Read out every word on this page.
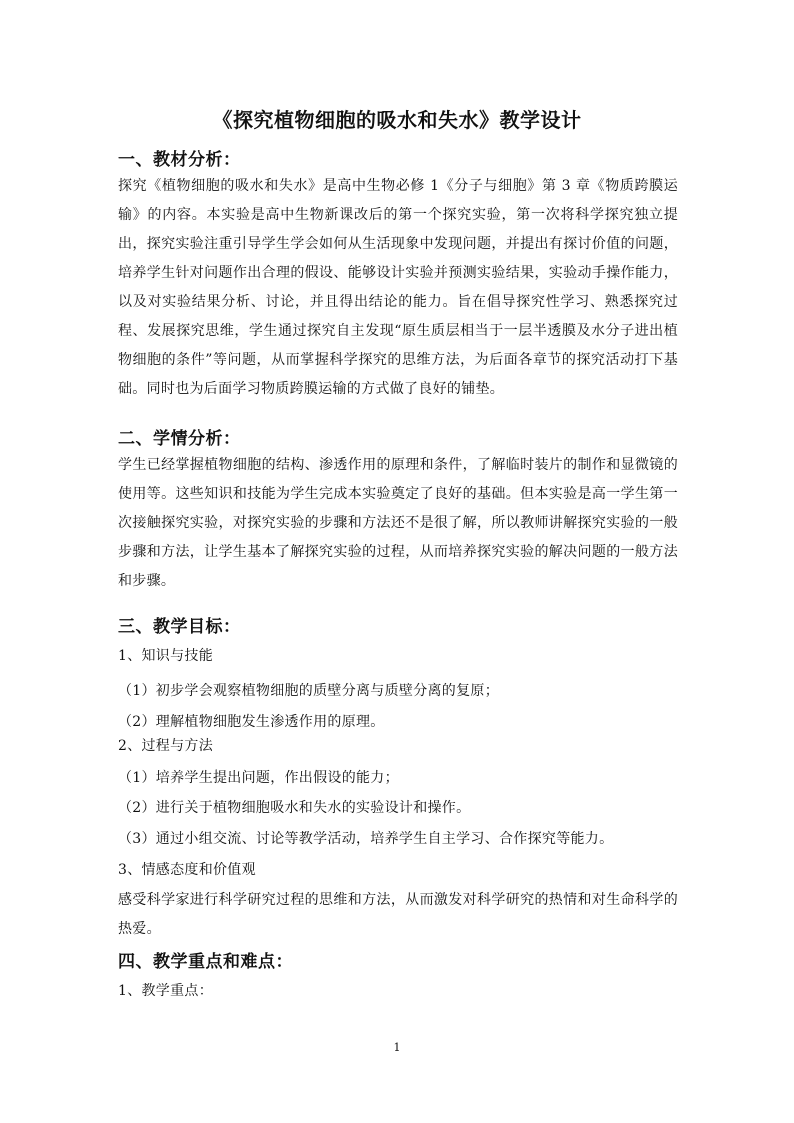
《探究植物细胞的吸水和失水》教学设计
一、教材分析：
探究《植物细胞的吸水和失水》是高中生物必修 1《分子与细胞》第 3 章《物质跨膜运
输》的内容。本实验是高中生物新课改后的第一个探究实验，第一次将科学探究独立提
出，探究实验注重引导学生学会如何从生活现象中发现问题，并提出有探讨价值的问题，
培养学生针对问题作出合理的假设、能够设计实验并预测实验结果，实验动手操作能力，
以及对实验结果分析、讨论，并且得出结论的能力。旨在倡导探究性学习、熟悉探究过
程、发展探究思维，学生通过探究自主发现“原生质层相当于一层半透膜及水分子进出植
物细胞的条件”等问题，从而掌握科学探究的思维方法，为后面各章节的探究活动打下基
础。同时也为后面学习物质跨膜运输的方式做了良好的铺垫。
二、学情分析：
学生已经掌握植物细胞的结构、渗透作用的原理和条件，了解临时装片的制作和显微镜的
使用等。这些知识和技能为学生完成本实验奠定了良好的基础。但本实验是高一学生第一
次接触探究实验，对探究实验的步骤和方法还不是很了解，所以教师讲解探究实验的一般
步骤和方法，让学生基本了解探究实验的过程，从而培养探究实验的解决问题的一般方法
和步骤。
三、教学目标：
1、知识与技能
（1）初步学会观察植物细胞的质壁分离与质壁分离的复原；
（2）理解植物细胞发生渗透作用的原理。
2、过程与方法
（1）培养学生提出问题，作出假设的能力；
（2）进行关于植物细胞吸水和失水的实验设计和操作。
（3）通过小组交流、讨论等教学活动，培养学生自主学习、合作探究等能力。
3、情感态度和价值观
感受科学家进行科学研究过程的思维和方法，从而激发对科学研究的热情和对生命科学的
热爱。
四、教学重点和难点：
1、教学重点：
1
